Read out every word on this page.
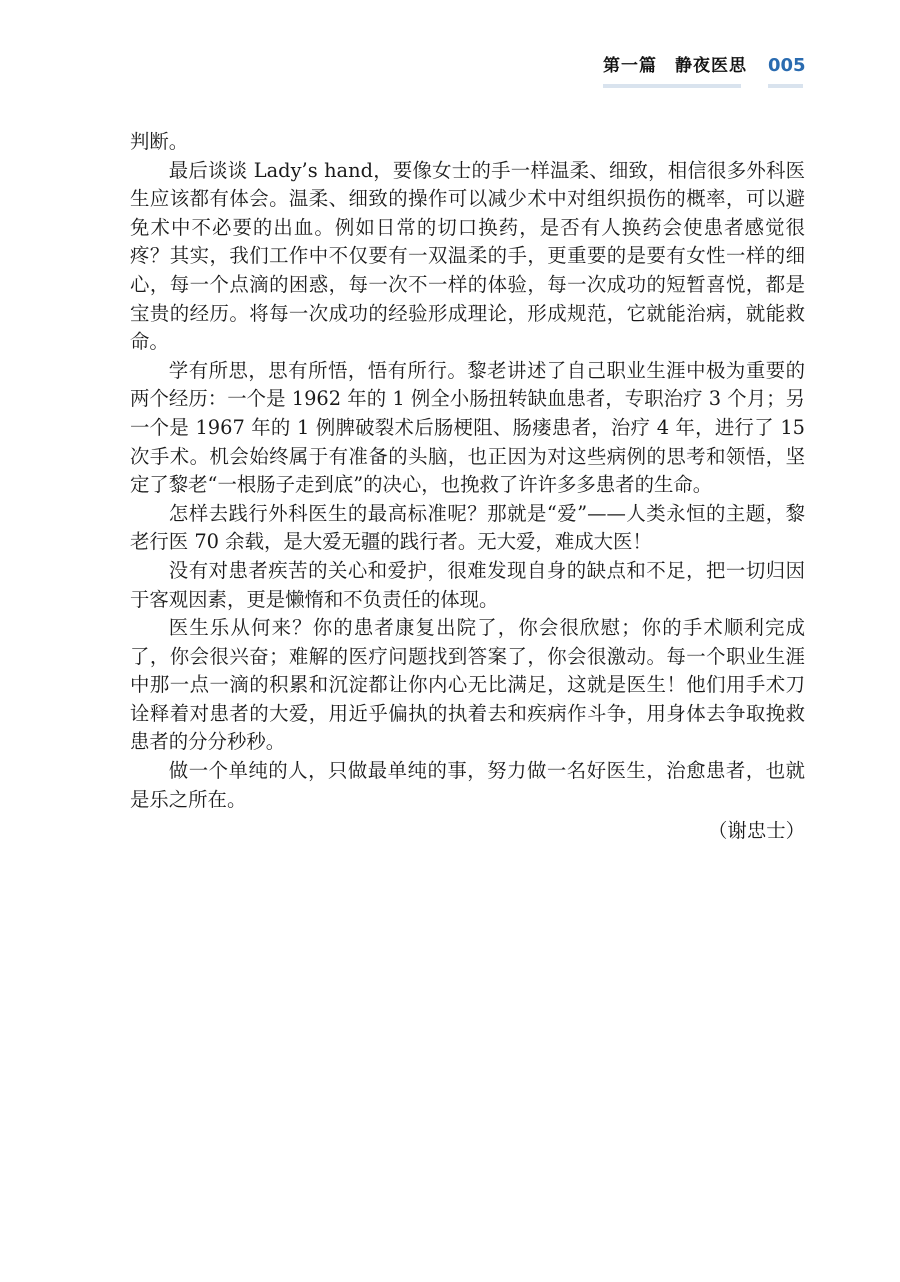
第一篇　静夜医思 005

判断。

最后谈谈 Lady’s hand，要像女士的手一样温柔、细致，相信很多外科医生应该都有体会。温柔、细致的操作可以减少术中对组织损伤的概率，可以避免术中不必要的出血。例如日常的切口换药，是否有人换药会使患者感觉很疼？其实，我们工作中不仅要有一双温柔的手，更重要的是要有女性一样的细心，每一个点滴的困惑，每一次不一样的体验，每一次成功的短暂喜悦，都是宝贵的经历。将每一次成功的经验形成理论，形成规范，它就能治病，就能救命。

学有所思，思有所悟，悟有所行。黎老讲述了自己职业生涯中极为重要的两个经历：一个是 1962 年的 1 例全小肠扭转缺血患者，专职治疗 3 个月；另一个是 1967 年的 1 例脾破裂术后肠梗阻、肠瘘患者，治疗 4 年，进行了 15 次手术。机会始终属于有准备的头脑，也正因为对这些病例的思考和领悟，坚定了黎老“一根肠子走到底”的决心，也挽救了许许多多患者的生命。

怎样去践行外科医生的最高标准呢？那就是“爱”——人类永恒的主题，黎老行医 70 余载，是大爱无疆的践行者。无大爱，难成大医！

没有对患者疾苦的关心和爱护，很难发现自身的缺点和不足，把一切归因于客观因素，更是懒惰和不负责任的体现。

医生乐从何来？你的患者康复出院了，你会很欣慰；你的手术顺利完成了，你会很兴奋；难解的医疗问题找到答案了，你会很激动。每一个职业生涯中那一点一滴的积累和沉淀都让你内心无比满足，这就是医生！他们用手术刀诠释着对患者的大爱，用近乎偏执的执着去和疾病作斗争，用身体去争取挽救患者的分分秒秒。

做一个单纯的人，只做最单纯的事，努力做一名好医生，治愈患者，也就是乐之所在。

（谢忠士）
